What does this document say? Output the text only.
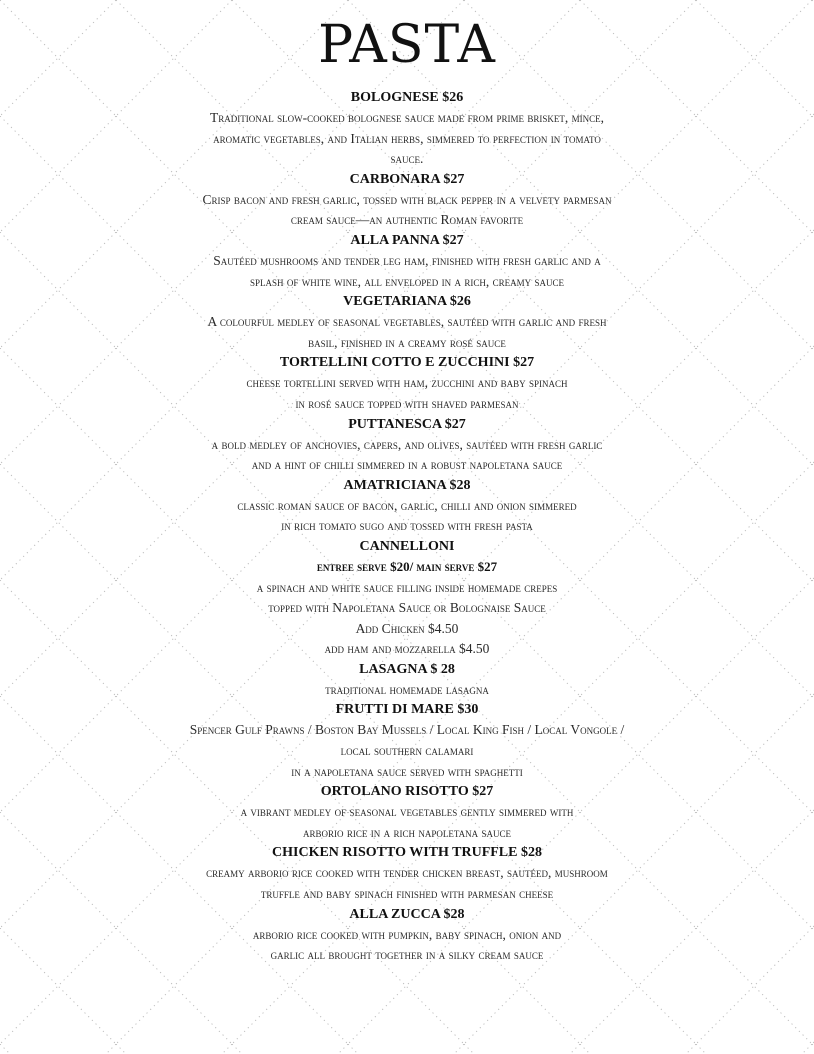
PASTA
BOLOGNESE $26
Traditional slow-cooked bolognese sauce made from prime brisket, mince,
aromatic vegetables, and Italian herbs, simmered to perfection in tomato
sauce.
CARBONARA $27
Crisp bacon and fresh garlic, tossed with black pepper in a velvety parmesan
cream sauce—an authentic Roman favorite
ALLA PANNA $27
Sautéed mushrooms and tender leg ham, finished with fresh garlic and a
splash of white wine, all enveloped in a rich, creamy sauce
VEGETARIANA $26
A colourful medley of seasonal vegetables, sautéed with garlic and fresh
basil, finished in a creamy rosé sauce
TORTELLINI COTTO E ZUCCHINI $27
cheese tortellini served with ham, zucchini and baby spinach
in rosé sauce topped with shaved parmesan
PUTTANESCA $27
a bold medley of anchovies, capers, and olives, sautéed with fresh garlic
and a hint of chilli simmered in a robust napoletana sauce
AMATRICIANA $28
classic roman sauce of bacon, garlic, chilli and onion simmered
in rich tomato sugo and tossed with fresh pasta
CANNELLONI
entree serve $20/ main serve $27
a spinach and white sauce filling inside homemade crepes
topped with Napoletana Sauce or Bolognaise Sauce
Add Chicken $4.50
add ham and mozzarella $4.50
LASAGNA $ 28
traditional homemade lasagna
FRUTTI DI MARE $30
Spencer Gulf Prawns / Boston Bay Mussels / Local King Fish / Local Vongole /
local southern calamari
in a napoletana sauce served with spaghetti
ORTOLANO RISOTTO $27
a vibrant medley of seasonal vegetables gently simmered with
arborio rice in a rich napoletana sauce
CHICKEN RISOTTO WITH TRUFFLE $28
creamy arborio rice cooked with tender chicken breast, sautéed, mushroom
truffle and baby spinach finished with parmesan cheese
ALLA ZUCCA $28
arborio rice cooked with pumpkin, baby spinach, onion and
garlic all brought together in a silky cream sauce
